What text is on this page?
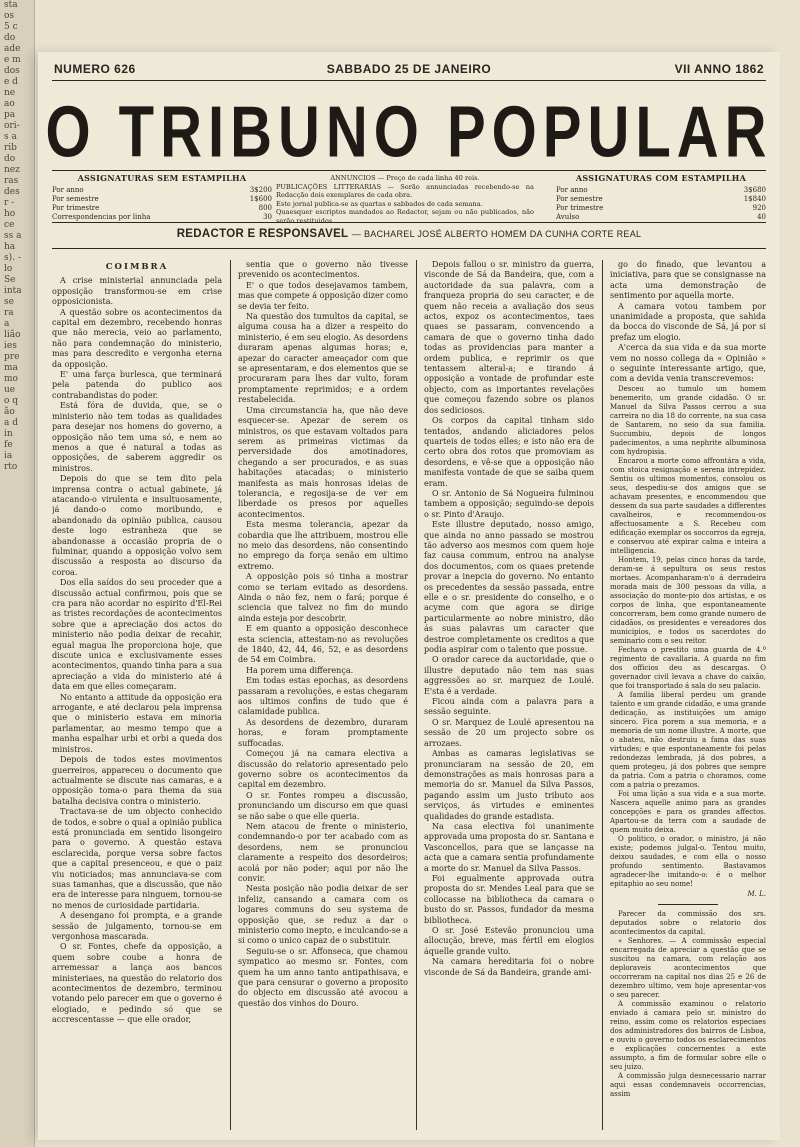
sta
os
5 c
do
ade
e m
dos
e d
ne
ao
pa
ori-
s a
rib
do
nez
ras
des
r -
ho
ce
ss a
ha
s). -
lo
Se
inta
se
ra
a
lião
ies
pre
ma
mo
ue
o q
ão
a d
in
fe
ia
rto
NUMERO 626	SABBADO 25 DE JANEIRO	VII ANNO 1862
O TRIBUNO POPULAR
ASSIGNATURAS SEM ESTAMPILHA
Por anno	3$200
Por semestre	1$600
Por trimestre	800
Correspondencias por linha	30
ANNUNCIOS — Preço de cada linha 40 reis.
PUBLICAÇÕES LITTERARIAS — Serão annunciadas recebendo-se na Redacção dois exemplares de cada obra.
Este jornal publica-se as quartas e sabbados de cada semana.
Quaesquer escriptos mandados ao Redactor, sejam ou não publicados, não serão restituidos.
ASSIGNATURAS COM ESTAMPILHA
Por anno	3$680
Por semestre	1$840
Por trimestre	920
Avulso	40
REDACTOR E RESPONSAVEL — BACHAREL JOSÉ ALBERTO HOMEM DA CUNHA CORTE REAL

COIMBRA

A crise ministerial annunciada pela opposição transformou-se em crise opposicionista.

A questão sobre os acontecimentos da capital em dezembro, recebendo honras que não merecia, veio ao parlamento, não para condemnação do ministerio, mas para descredito e vergonha eterna da opposição.

E' uma farça burlesca, que terminará pela patenda do publico aos contrabandistas do poder.

Está fóra de duvida, que, se o ministerio não tem todas as qualidades para desejar nos homens do governo, a opposição não tem uma só, e nem ao menos a que é natural a todas as opposições, de saberem aggredir os ministros.

Depois do que se tem dito pela imprensa contra o actual gabinete, já atacando-o virulenta e insultuosamente, já dando-o como moribundo, e abandonado da opinião publica, causou deste logo estranheza que se abandonasse a occasião propria de o fulminar, quando a opposição volvo sem discussão a resposta ao discurso da coroa.

Dos ella saídos do seu proceder que a discussão actual confirmou, pois que se cra para não acordar no espirito d'El-Rei as tristes recordações de acontecimentos sobre que a apreciação dos actos do ministerio não podia deixar de recahir, egual magua lhe proporciona hoje, que discute unica e exclusivamente esses acontecimentos, quando tinha para a sua apreciação a vida do ministerio até á data em que elles começaram.

No entanto a attitude da opposição era arrogante, e até declarou pela imprensa que o ministerio estava em minoria parlamentar, ao mesmo tempo que a manha espalhar urbi et orbi a queda dos ministros.

Depois de todos estes movimentos guerreiros, appareceu o documento que actualmente se discute nas camaras, e a opposição toma-o para thema da sua batalha decisiva contra o ministerio.

Tractava-se de um objecto conhecido de todos, e sobre o qual a opinião publica está pronunciada em sentido lisongeiro para o governo. A questão estava esclarecida, porque versa sobre factos que a capital presenceou, e que o paiz viu noticiados; mas annunciava-se com suas tamanhas, que a discussão, que não era de interesse para ninguem, tornou-se no menos de curiosidade partidaria.

A desengano foi prompta, e a grande sessão de julgamento, tornou-se em vergonhosa mascarada.

O sr. Fontes, chefe da opposição, a quem sobre coube a honra de arremessar a lança aos bancos ministeriaes, na questão do relatorio dos acontecimentos de dezembro, terminou votando pelo parecer em que o governo é elogiado, e pedindo só que se accrescentasse — que elle orador,

sentia que o governo não tivesse prevenido os acontecimentos.

E' o que todos desejavamos tambem, mas que compete á opposição dizer como se devia ter feito.

Na questão dos tumultos da capital, se alguma cousa ha a dizer a respeito do ministerio, é em seu elogio. As desordens duraram apenas algumas horas; e, apezar do caracter ameaçador com que se apresentaram, e dos elementos que se procuraram para lhes dar vulto, foram promptamente reprimidos; e a ordem restabelecida.

Uma circumstancia ha, que não deve esquecer-se. Apezar de serem os ministros, os que estavam voltados para serem as primeiras victimas da perversidade dos amotinadores, chegando a ser procurados, e as suas habitações atacadas; o ministerio manifesta as mais honrosas ideias de tolerancia, e regosija-se de ver em liberdade os presos por aquelles acontecimentos.

Esta mesma tolerancia, apezar da cobardia que lhe attribuem, mostrou elle no meio das desordens, não consentindo no emprego da força senão em ultimo extremo.

A opposição pois só tinha a mostrar como se teriam evitado as desordens. Ainda o não fez, nem o fará; porque é sciencia que talvez no fim do mundo ainda esteja por descobrir.

E em quanto a opposição desconhece esta sciencia, attestam-no as revoluções de 1840, 42, 44, 46, 52, e as desordens de 54 em Coimbra.

Ha porem uma differença.

Em todas estas epochas, as desordens passaram a revoluções, e estas chegaram aos ultimos confins de tudo que é calamidade publica.

As desordens de dezembro, duraram horas, e foram promptamente suffocadas.

Começou já na camara electiva a discussão do relatorio apresentado pelo governo sobre os acontecimentos da capital em dezembro.

O sr. Fontes rompeu a discussão, pronunciando um discurso em que quasi se não sabe o que elle queria.

Nem atacou de frente o ministerio, condemnando-o por ter acabado com as desordens, nem se pronunciou claramente a respeito dos desordeiros; acolá por não poder; aqui por não lhe convir.

Nesta posição não podia deixar de ser infeliz, cansando a camara com os logares communs do seu systema de opposição que, se reduz a dar o ministerio como inepto, e inculcando-se a si como o unico capaz de o substituir.

Seguiu-se o sr. Affonseca, que chamou sympatico ao mesmo sr. Fontes, com quem ha um anno tanto antipathisava, e que para censurar o governo a proposito do objecto em discussão até avocou a questão dos vinhos do Douro.

Depois fallou o sr. ministro da guerra, visconde de Sá da Bandeira, que, com a auctoridade da sua palavra, com a franqueza propria do seu caracter, e de quem não receia a avaliação dos seus actos, expoz os acontecimentos, taes quaes se passaram, convencendo a camara de que o governo tinha dado todas as providencias para manter a ordem publica, e reprimir os que tentassem alteral-a; e tirando á opposição a vontade de profundar este objecto, com as importantes revelações que começou fazendo sobre os planos dos sediciosos.

Os corpos da capital tinham sido tentados, andando aliciadores pelos quarteis de todos elles; e isto não era de certo obra dos rotos que promoviam as desordens, e vê-se que a opposição não manifesta vontade de que se saiba quem eram.

O sr. Antonio de Sá Nogueira fulminou tambem a opposição; seguindo-se depois o sr. Pinto d'Araujo.

Este illustre deputado, nosso amigo, que ainda no anno passado se mostrou tão adverso aos mesmos com quem hoje faz causa commum, entrou na analyse dos documentos, com os quaes pretende provar a inepcia do governo. No entanto os precedentes da sessão passada, entre elle e o sr. presidente do conselho, e o acyme com que agora se dirige particularmente ao nobre ministro, dão ás suas palavras um caracter que destroe completamente os creditos a que podia aspirar com o talento que possue.

O orador carece da auctoridade, que o illustre deputado não tem nas suas aggressões ao sr. marquez de Loulé. E'sta é a verdade.

Ficou ainda com a palavra para a sessão seguinte.

O sr. Marquez de Loulé apresentou na sessão de 20 um projecto sobre os arrozaes.

Ambas as camaras legislativas se pronunciaram na sessão de 20, em demonstrações as mais honrosas para a memoria do sr. Manuel da Silva Passos, pagando assim um justo tributo aos serviços, ás virtudes e eminentes qualidades do grande estadista.

Na casa electiva foi unanimente approvada uma proposta do sr. Santana e Vasconcellos, para que se lançasse na acta que a camara sentia profundamente a morte do sr. Manuel da Silva Passos.

Foi egualmente approvada outra proposta do sr. Mendes Leal para que se collocasse na bibliotheca da camara o busto do sr. Passos, fundador da mesma bibliotheca.

O sr. José Estevão pronunciou uma allocução, breve, mas fértil em elogios áquelle grande vulto.

Na camara hereditaria foi o nobre visconde de Sá da Bandeira, grande ami-

go do finado, que levantou a iniciativa, para que se consignasse na acta uma demonstração de sentimento por aquella morte.

A camara votou tambem por unanimidade a proposta, que sahida da bocca do visconde de Sá, já por si prefaz um elogio.

A'cerca da sua vida e da sua morte vem no nosso collega da « Opinião » o seguinte interessante artigo, que, com a devida venia transcrevemos:

Desceu ao tumulo um homem benemerito, um grande cidadão. O sr. Manuel da Silva Passos cerrou a sua carreira no dia 18 do corrente, na sua casa de Santarem, no seio da sua familia. Succumbiu, depois de longos padecimentos, a uma nephrite albuminosa com hydropisia.

Encarou a morte como affrontára a vida, com stoica resignação e serena intrepidez. Sentiu os ultimos momentos, consolou os seus, despediu-se dos amigos que se achavam presentes, e encommendou que dessem da sua parte saudades a differentes cavalheiros, e recommendou-os affectuosamente a S. Recebeu com edificação exemplar os soccorros da egreja, e conservou até expirar calma e inteira a intelligencia.

Hontem, 19, pelas cinco horas da tarde, deram-se á sepultura os seus restos mortaes. Acompanharam-n'o á derradeira morada mais de 300 pessoas da villa, a associação do monte-pio dos artistas, e os corpos de linha, que espontaneamente concorreram, bem como grande numero de cidadãos, os presidentes e vereadores dos municipios, e todos os sacerdotes do seminario com o seu reitor.

Fechava o prestito uma guarda de 4.º regimento de cavallaria. A guarda no fim dos officios deu as descargas. O governador civil levava a chave do caixão, que foi transportado á sala do seu palacio.

A familia liberal perdeu um grande talento e um grande cidadão, e uma grande dedicação, as instituições um amigo sincero. Fica porem a sua memoria, e a memoria de um nome illustre. A morte, que o abateu, não destruiu a fama das suas virtudes; e que espontaneamente foi pelas redondezas lembrada, já dos pobres, a quem protegeu, já dos pobres que sempre da patria. Com a patria o choramos, come com a patria o prezamos.

Foi uma lição a sua vida e a sua morte. Nascera aquelle animo para as grandes concepções e para os grandes affectos. Apartou-se da terra com a saudade de quem muito deixa.

O politico, o orador, o ministro, já não existe; podemos julgal-o. Tentou muito, deixou saudades, e com ella o nosso profundo sentimento. Bastavamos agradecer-lhe imitando-o: é o melhor epitaphio ao seu nome!

M. L.

Parecer da commissão dos srs. deputados sobre o relatorio dos acontecimentos da capital.

« Senhores. — A commissão especial encarregada de apreciar a questão que se suscitou na camara, com relação aos deploraveis acontecimentos que occorreram na capital nos dias 25 e 26 de dezembro ultimo, vem hoje apresentar-vos o seu parecer.

A commissão examinou o relatorio enviado á camara pelo sr. ministro do reino, assim como os relatorios especiaes dos administradores dos bairros de Lisboa, e ouviu o governo todos os esclarecimentos e explicações concernentes a este assumpto, a fim de formular sobre elle o seu juizo.

A commissão julga desnecessario narrar aqui essas condemnaveis occorrencias, assim
